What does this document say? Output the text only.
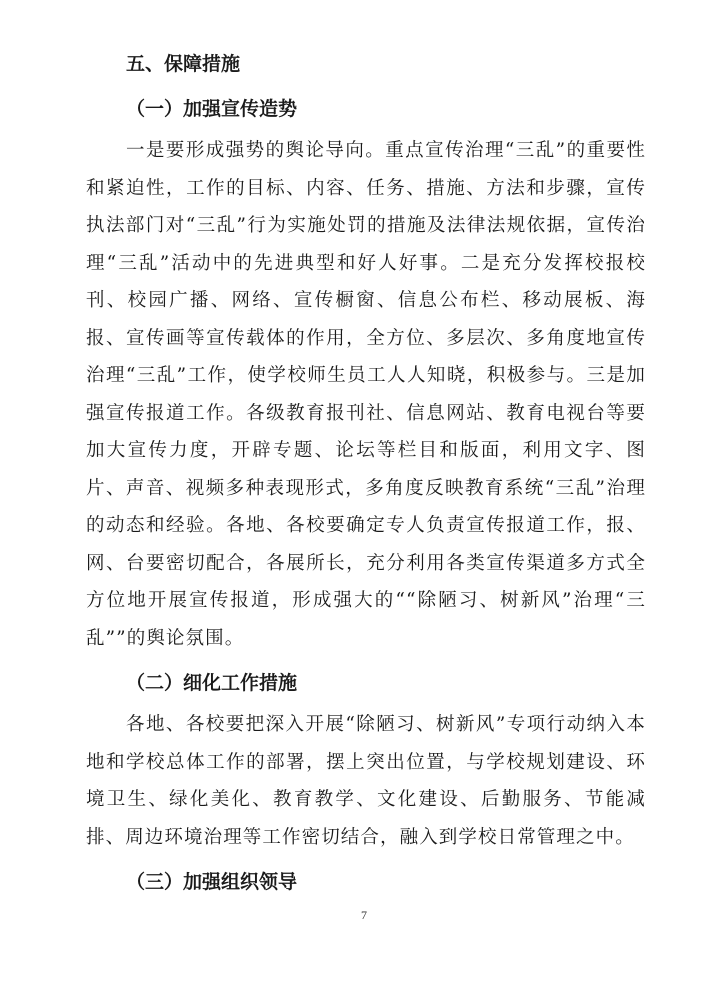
五、保障措施

（一）加强宣传造势

一是要形成强势的舆论导向。重点宣传治理“三乱”的重要性和紧迫性，工作的目标、内容、任务、措施、方法和步骤，宣传执法部门对“三乱”行为实施处罚的措施及法律法规依据，宣传治理“三乱”活动中的先进典型和好人好事。二是充分发挥校报校刊、校园广播、网络、宣传橱窗、信息公布栏、移动展板、海报、宣传画等宣传载体的作用，全方位、多层次、多角度地宣传治理“三乱”工作，使学校师生员工人人知晓，积极参与。三是加强宣传报道工作。各级教育报刊社、信息网站、教育电视台等要加大宣传力度，开辟专题、论坛等栏目和版面，利用文字、图片、声音、视频多种表现形式，多角度反映教育系统“三乱”治理的动态和经验。各地、各校要确定专人负责宣传报道工作，报、网、台要密切配合，各展所长，充分利用各类宣传渠道多方式全方位地开展宣传报道，形成强大的““除陋习、树新风”治理“三乱””的舆论氛围。

（二）细化工作措施

各地、各校要把深入开展“除陋习、树新风”专项行动纳入本地和学校总体工作的部署，摆上突出位置，与学校规划建设、环境卫生、绿化美化、教育教学、文化建设、后勤服务、节能减排、周边环境治理等工作密切结合，融入到学校日常管理之中。

（三）加强组织领导

7
